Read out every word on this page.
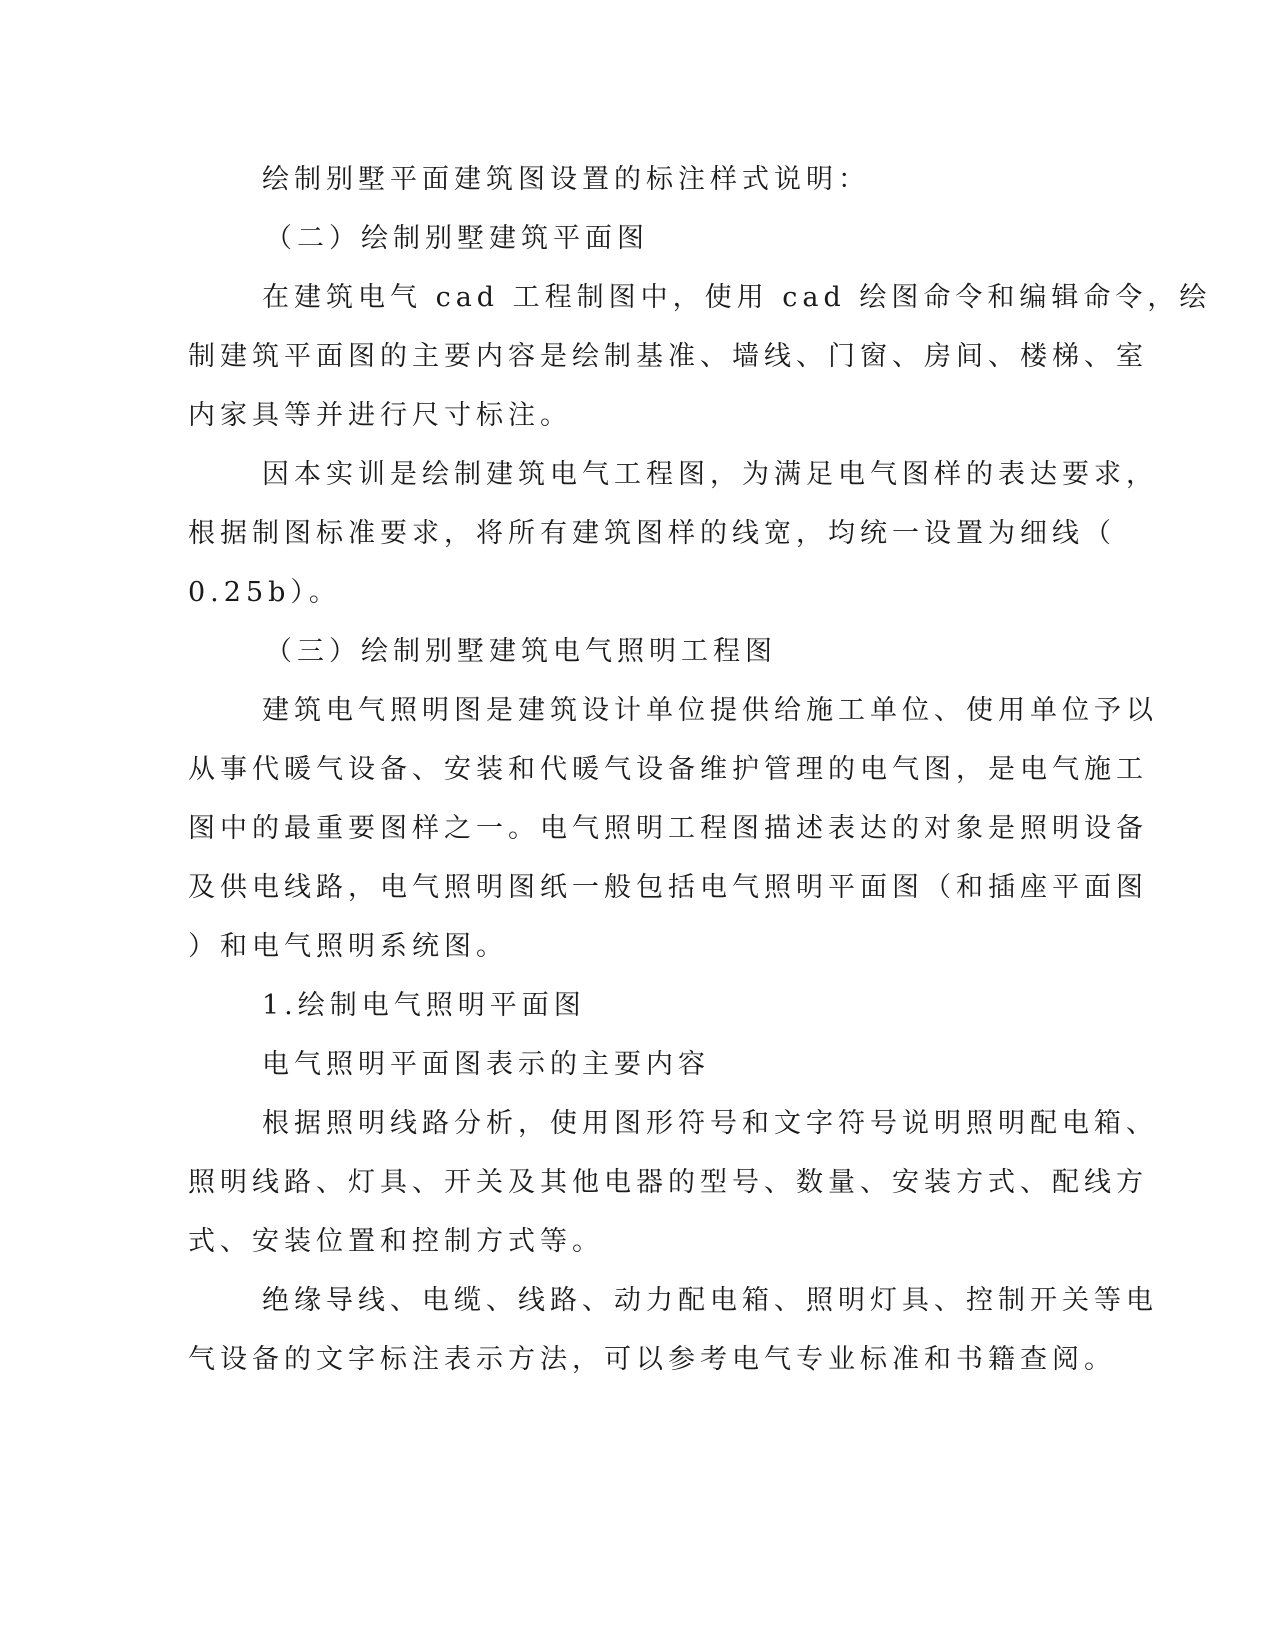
绘制别墅平面建筑图设置的标注样式说明：
（二）绘制别墅建筑平面图
在建筑电气 cad 工程制图中，使用 cad 绘图命令和编辑命令，绘
制建筑平面图的主要内容是绘制基准、墙线、门窗、房间、楼梯、室
内家具等并进行尺寸标注。
因本实训是绘制建筑电气工程图，为满足电气图样的表达要求，
根据制图标准要求，将所有建筑图样的线宽，均统一设置为细线（
0.25b）。
（三）绘制别墅建筑电气照明工程图
建筑电气照明图是建筑设计单位提供给施工单位、使用单位予以
从事代暖气设备、安装和代暖气设备维护管理的电气图，是电气施工
图中的最重要图样之一。电气照明工程图描述表达的对象是照明设备
及供电线路，电气照明图纸一般包括电气照明平面图（和插座平面图
）和电气照明系统图。
1.绘制电气照明平面图
电气照明平面图表示的主要内容
根据照明线路分析，使用图形符号和文字符号说明照明配电箱、
照明线路、灯具、开关及其他电器的型号、数量、安装方式、配线方
式、安装位置和控制方式等。
绝缘导线、电缆、线路、动力配电箱、照明灯具、控制开关等电
气设备的文字标注表示方法，可以参考电气专业标准和书籍查阅。
